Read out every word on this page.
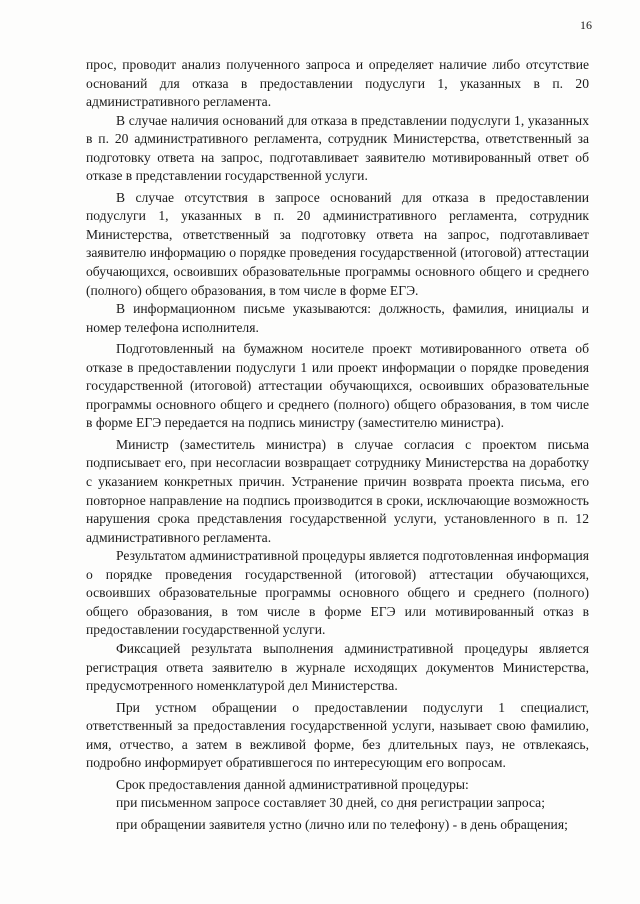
16

прос, проводит анализ полученного запроса и определяет наличие либо отсутствие оснований для отказа в предоставлении подуслуги 1, указанных в п. 20 административного регламента.

В случае наличия оснований для отказа в представлении подуслуги 1, указанных в п. 20 административного регламента, сотрудник Министерства, ответственный за подготовку ответа на запрос, подготавливает заявителю мотивированный ответ об отказе в представлении государственной услуги.

В случае отсутствия в запросе оснований для отказа в предоставлении подуслуги 1, указанных в п. 20 административного регламента, сотрудник Министерства, ответственный за подготовку ответа на запрос, подготавливает заявителю информацию о порядке проведения государственной (итоговой) аттестации обучающихся, освоивших образовательные программы основного общего и среднего (полного) общего образования, в том числе в форме ЕГЭ.

В информационном письме указываются: должность, фамилия, инициалы и номер телефона исполнителя.

Подготовленный на бумажном носителе проект мотивированного ответа об отказе в предоставлении подуслуги 1 или проект информации о порядке проведения государственной (итоговой) аттестации обучающихся, освоивших образовательные программы основного общего и среднего (полного) общего образования, в том числе в форме ЕГЭ передается на подпись министру (заместителю министра).

Министр (заместитель министра) в случае согласия с проектом письма подписывает его, при несогласии возвращает сотруднику Министерства на доработку с указанием конкретных причин. Устранение причин возврата проекта письма, его повторное направление на подпись производится в сроки, исключающие возможность нарушения срока представления государственной услуги, установленного в п. 12 административного регламента.

Результатом административной процедуры является подготовленная информация о порядке проведения государственной (итоговой) аттестации обучающихся, освоивших образовательные программы основного общего и среднего (полного) общего образования, в том числе в форме ЕГЭ или мотивированный отказ в предоставлении государственной услуги.

Фиксацией результата выполнения административной процедуры является регистрация ответа заявителю в журнале исходящих документов Министерства, предусмотренного номенклатурой дел Министерства.

При устном обращении о предоставлении подуслуги 1 специалист, ответственный за предоставления государственной услуги, называет свою фамилию, имя, отчество, а затем в вежливой форме, без длительных пауз, не отвлекаясь, подробно информирует обратившегося по интересующим его вопросам.

Срок предоставления данной административной процедуры:

при письменном запросе составляет 30 дней, со дня регистрации запроса;

при обращении заявителя устно (лично или по телефону) - в день обращения;
